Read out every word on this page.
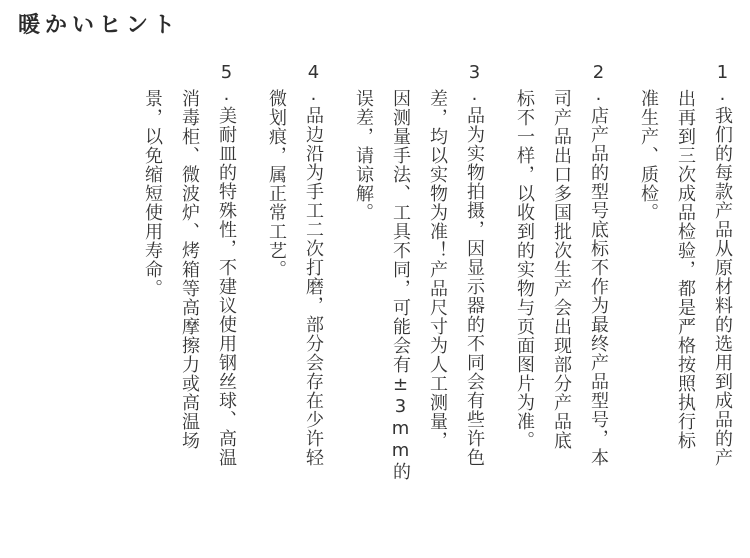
暖かいヒント
1.我们的每款产品从原材料的选用到成品的产
出再到三次成品检验，都是严格按照执行标
准生产、质检。
2.店产品的型号底标不作为最终产品型号，本
司产品出口多国批次生产会出现部分产品底
标不一样，以收到的实物与页面图片为准。
3.品为实物拍摄，因显示器的不同会有些许色
差，均以实物为准！产品尺寸为人工测量，
因测量手法、工具不同，可能会有±3mm的
误差，请谅解。
4.品边沿为手工二次打磨，部分会存在少许轻
微划痕，属正常工艺。
5.美耐皿的特殊性，不建议使用钢丝球、高温
消毒柜、微波炉、烤箱等高摩擦力或高温场
景，以免缩短使用寿命。
